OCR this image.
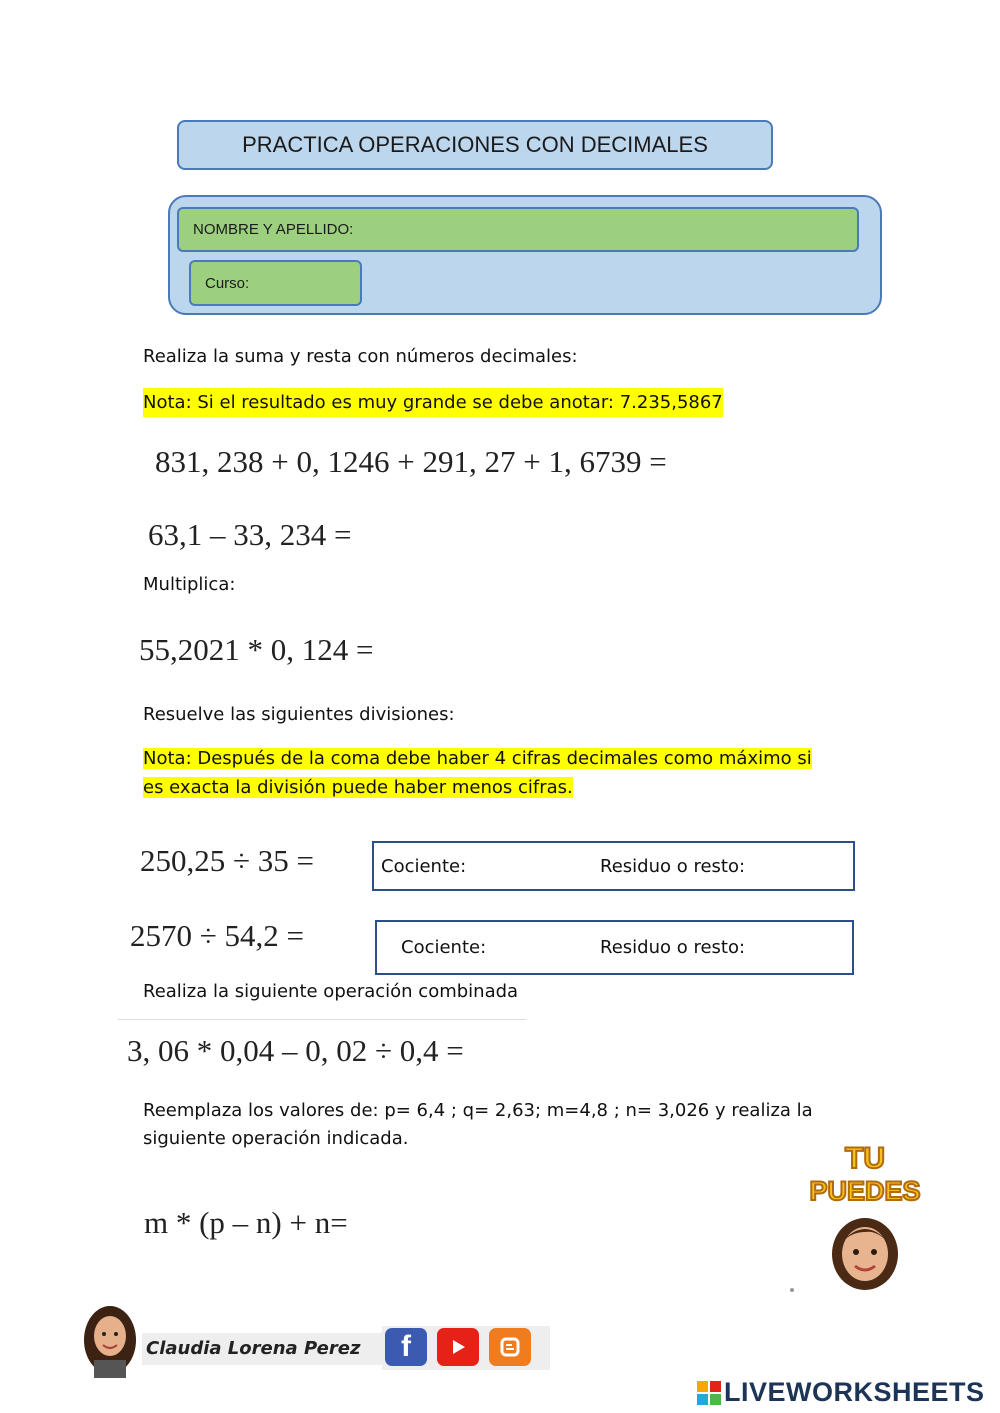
PRACTICA OPERACIONES CON DECIMALES
NOMBRE Y APELLIDO:
Curso:
Realiza la suma y resta con números decimales:
Nota: Si el resultado es muy grande se debe anotar: 7.235,5867
831, 238 + 0, 1246 + 291, 27 + 1, 6739 =
63,1 – 33, 234 =
Multiplica:
55,2021 * 0, 124 =
Resuelve las siguientes divisiones:
Nota: Después de la coma debe haber 4 cifras decimales como máximo si
es exacta la división puede haber menos cifras.
250,25 ÷ 35 =	Cociente:	Residuo o resto:
2570 ÷ 54,2 =	Cociente:	Residuo o resto:
Realiza la siguiente operación combinada
3, 06 * 0,04 – 0, 02 ÷ 0,4 =
Reemplaza los valores de: p= 6,4 ; q= 2,63; m=4,8 ; n= 3,026 y realiza la
siguiente operación indicada.
m * (p – n) + n=
TU
PUEDES
Claudia Lorena Perez	f
LIVEWORKSHEETS
